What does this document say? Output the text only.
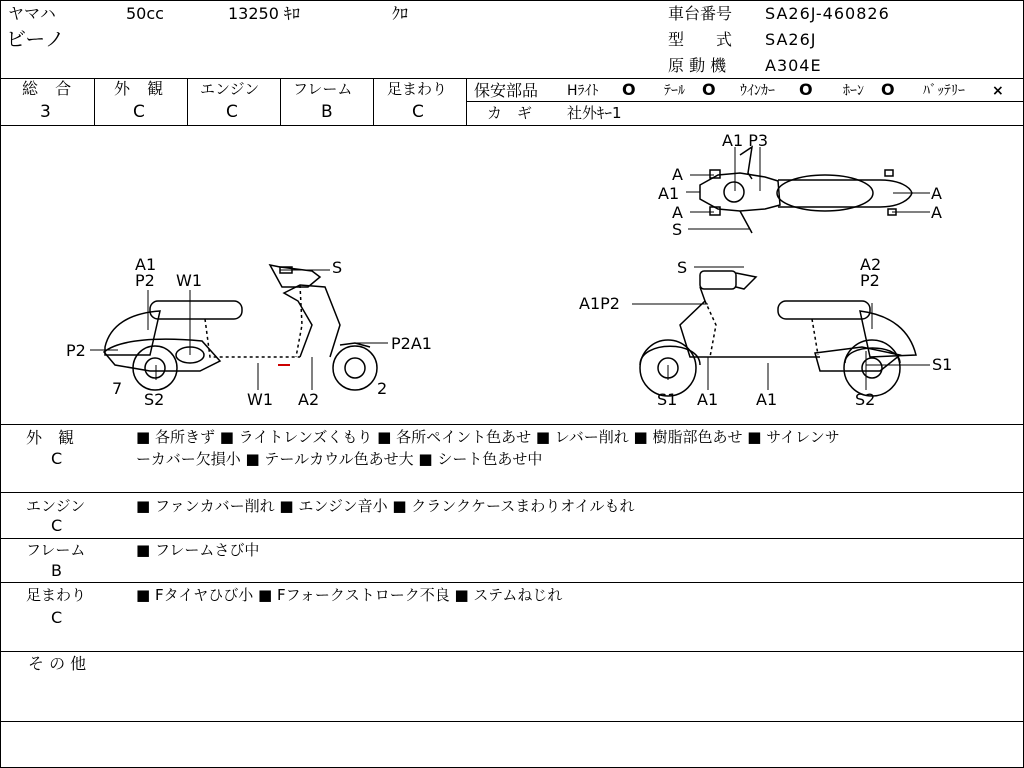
ヤマハ	50cc	13250 ｷﾛ	ｸﾛ
ビーノ
車台番号 SA26J-460826
型　　式 SA26J
原 動 機 A304E
総 合
3
外 観
C
エンジン
C
フレーム
B
足まわり
C
保安部品 Hﾗｲﾄ O ﾃｰﾙ O ｳｲﾝｶｰ O ﾎｰﾝ O ﾊﾞｯﾃﾘｰ ×
カ　ギ 社外ｷｰ1
A1
P2 W1
S
P2	P2A1
7	2
S2	W1 A2
S	A2
P2
A1P2
S1
S1 A1 A1	S2
A1 P3
A
A1
A
S
A
A
外　観
C
■ 各所きず ■ ライトレンズくもり ■ 各所ペイント色あせ ■ レバー削れ ■ 樹脂部色あせ ■ サイレンサ
ーカバー欠損小 ■ テールカウル色あせ大 ■ シート色あせ中
エンジン
C
■ ファンカバー削れ ■ エンジン音小 ■ クランクケースまわりオイルもれ
フレーム
B
■ フレームさび中
足まわり
C
■ Fタイヤひび小 ■ Fフォークストローク不良 ■ ステムねじれ
そ の 他
